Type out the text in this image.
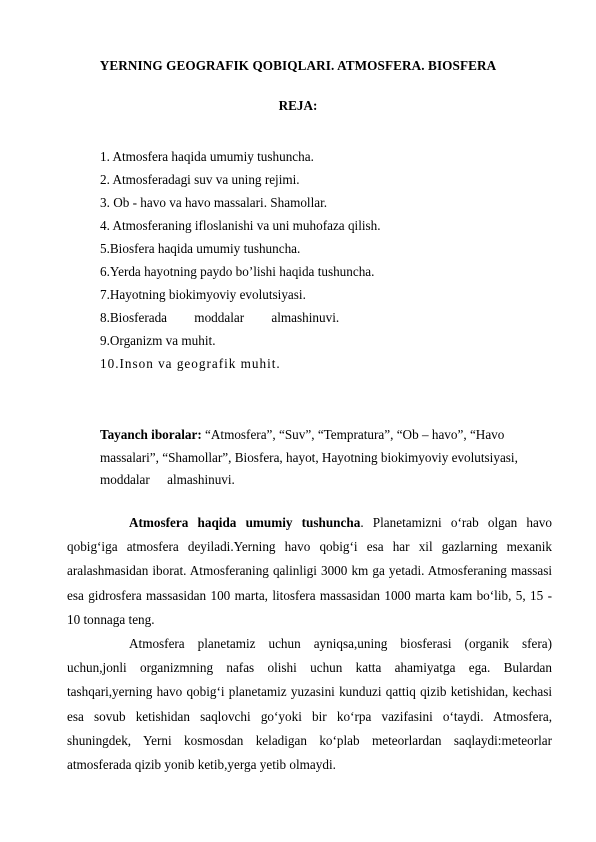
YERNING GEOGRAFIK QOBIQLARI. ATMOSFERA. BIOSFERA
REJA:
1. Atmosfera haqida umumiy tushuncha.
2. Atmosferadagi suv va uning rejimi.
3. Ob - havo va havo massalari. Shamollar.
4. Atmosferaning ifloslanishi va uni muhofaza qilish.
5.Biosfera haqida umumiy tushuncha.
6.Yerda hayotning paydo bo’lishi haqida tushuncha.
7.Hayotning biokimyoviy evolutsiyasi.
8.Biosferada moddalar almashinuvi.
9.Organizm va muhit.
10.Inson va geografik muhit.
Tayanch iboralar: “Atmosfera”, “Suv”, “Tempratura”, “Ob – havo”, “Havo massalari”, “Shamollar”, Biosfera, hayot, Hayotning biokimyoviy evolutsiyasi, moddalar almashinuvi.

Atmosfera haqida umumiy tushuncha. Planetamizni o‘rab olgan havo qobig‘iga atmosfera deyiladi.Yerning havo qobig‘i esa har xil gazlarning mexanik aralashmasidan iborat. Atmosferaning qalinligi 3000 km ga yetadi. Atmosferaning massasi esa gidrosfera massasidan 100 marta, litosfera massasidan 1000 marta kam bo‘lib, 5, 15 - 10 tonnaga teng.

Atmosfera planetamiz uchun ayniqsa,uning biosferasi (organik sfera) uchun,jonli organizmning nafas olishi uchun katta ahamiyatga ega. Bulardan tashqari,yerning havo qobig‘i planetamiz yuzasini kunduzi qattiq qizib ketishidan, kechasi esa sovub ketishidan saqlovchi go‘yoki bir ko‘rpa vazifasini o‘taydi. Atmosfera, shuningdek, Yerni kosmosdan keladigan ko‘plab meteorlardan saqlaydi:meteorlar atmosferada qizib yonib ketib,yerga yetib olmaydi.
